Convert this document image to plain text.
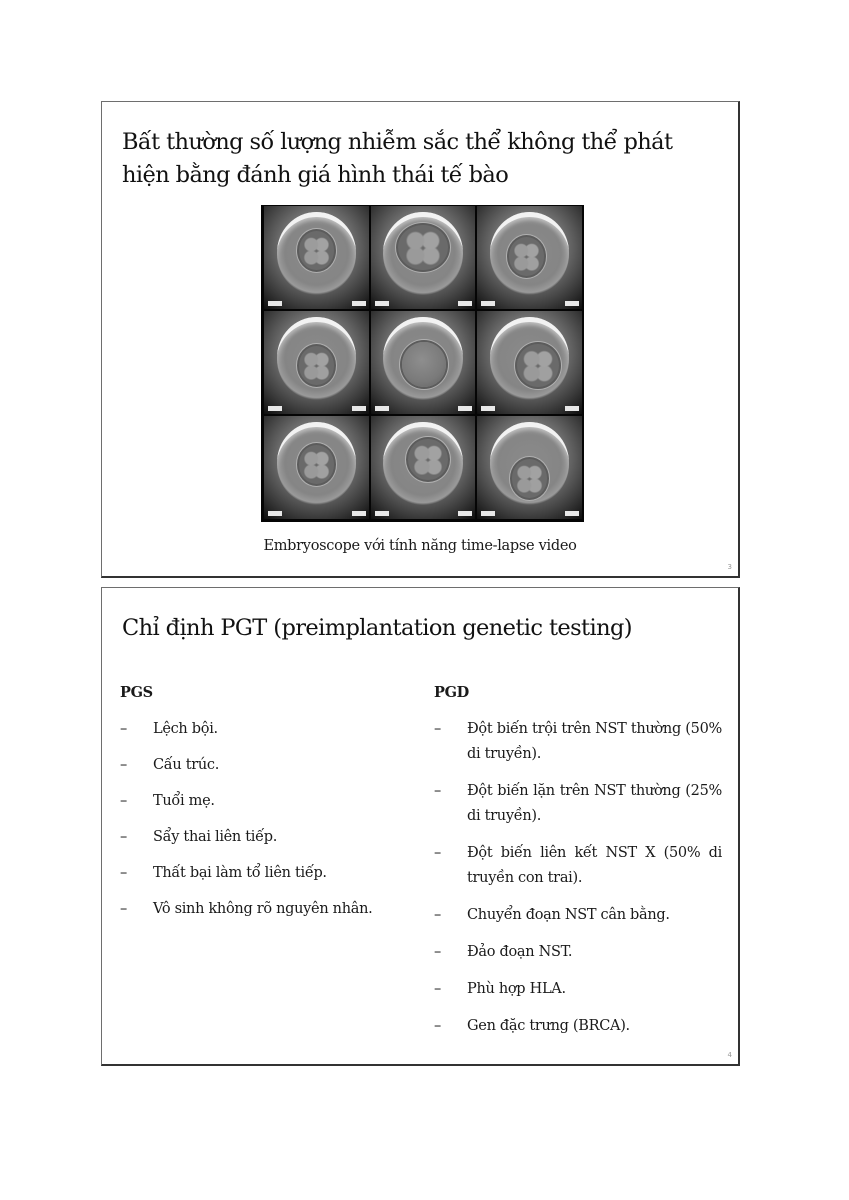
Bất thường số lượng nhiễm sắc thể không thể phát hiện bằng đánh giá hình thái tế bào
Embryoscope với tính năng time-lapse video
3
Chỉ định PGT (preimplantation genetic testing)
PGS
– Lệch bội.
– Cấu trúc.
– Tuổi mẹ.
– Sẩy thai liên tiếp.
– Thất bại làm tổ liên tiếp.
– Vô sinh không rõ nguyên nhân.
PGD
– Đột biến trội trên NST thường (50% di truyền).
– Đột biến lặn trên NST thường (25% di truyền).
– Đột biến liên kết NST X (50% di truyền con trai).
– Chuyển đoạn NST cân bằng.
– Đảo đoạn NST.
– Phù hợp HLA.
– Gen đặc trưng (BRCA).
4
